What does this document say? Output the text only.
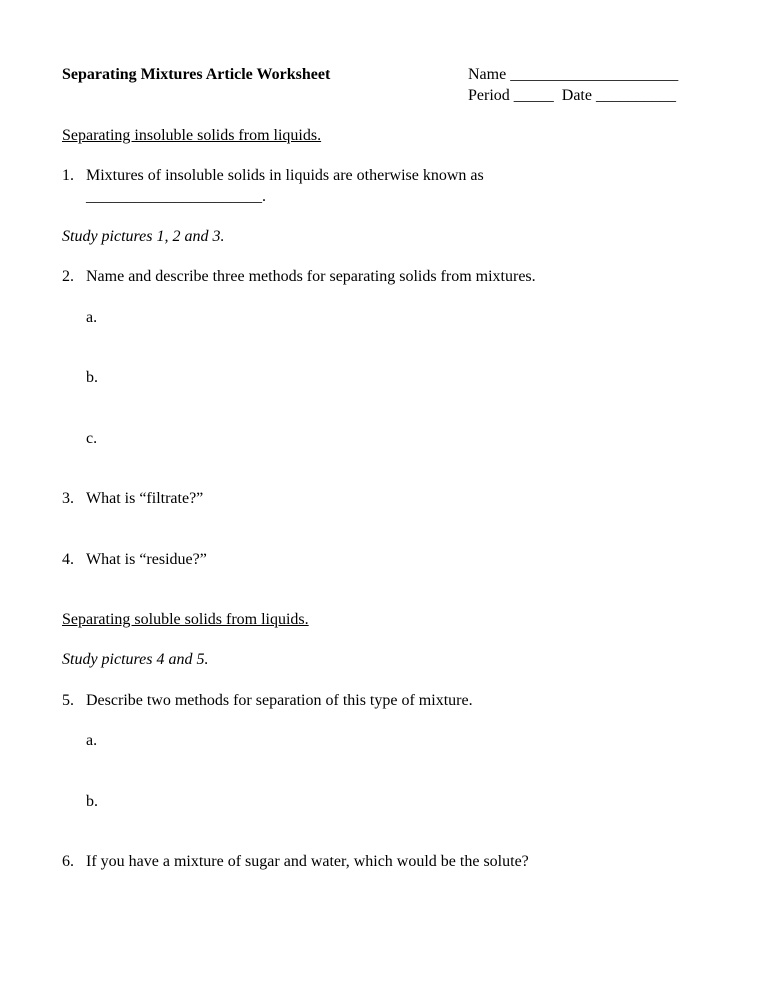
Separating Mixtures Article Worksheet	Name _____________________
Period _____  Date __________
Separating insoluble solids from liquids.
1. Mixtures of insoluble solids in liquids are otherwise known as
______________________.
Study pictures 1, 2 and 3.
2. Name and describe three methods for separating solids from mixtures.
a.
b.
c.
3. What is “filtrate?”
4. What is “residue?”
Separating soluble solids from liquids.
Study pictures 4 and 5.
5. Describe two methods for separation of this type of mixture.
a.
b.
6. If you have a mixture of sugar and water, which would be the solute?
